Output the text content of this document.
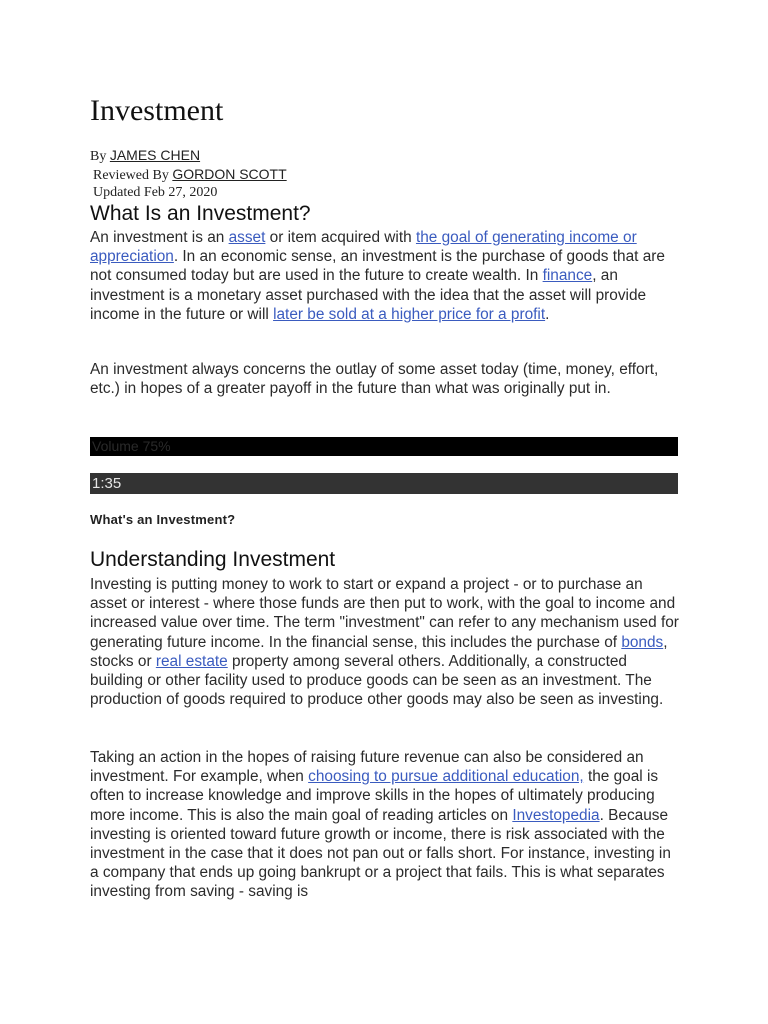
Investment
By JAMES CHEN
Reviewed By GORDON SCOTT
Updated Feb 27, 2020
What Is an Investment?

An investment is an asset or item acquired with the goal of generating income or appreciation. In an economic sense, an investment is the purchase of goods that are not consumed today but are used in the future to create wealth. In finance, an investment is a monetary asset purchased with the idea that the asset will provide income in the future or will later be sold at a higher price for a profit.

An investment always concerns the outlay of some asset today (time, money, effort, etc.) in hopes of a greater payoff in the future than what was originally put in.

Volume 75%
1:35
What's an Investment?
Understanding Investment

Investing is putting money to work to start or expand a project - or to purchase an asset or interest - where those funds are then put to work, with the goal to income and increased value over time. The term "investment" can refer to any mechanism used for generating future income. In the financial sense, this includes the purchase of bonds, stocks or real estate property among several others. Additionally, a constructed building or other facility used to produce goods can be seen as an investment. The production of goods required to produce other goods may also be seen as investing.

Taking an action in the hopes of raising future revenue can also be considered an investment. For example, when choosing to pursue additional education, the goal is often to increase knowledge and improve skills in the hopes of ultimately producing more income. This is also the main goal of reading articles on Investopedia. Because investing is oriented toward future growth or income, there is risk associated with the investment in the case that it does not pan out or falls short. For instance, investing in a company that ends up going bankrupt or a project that fails. This is what separates investing from saving - saving is
